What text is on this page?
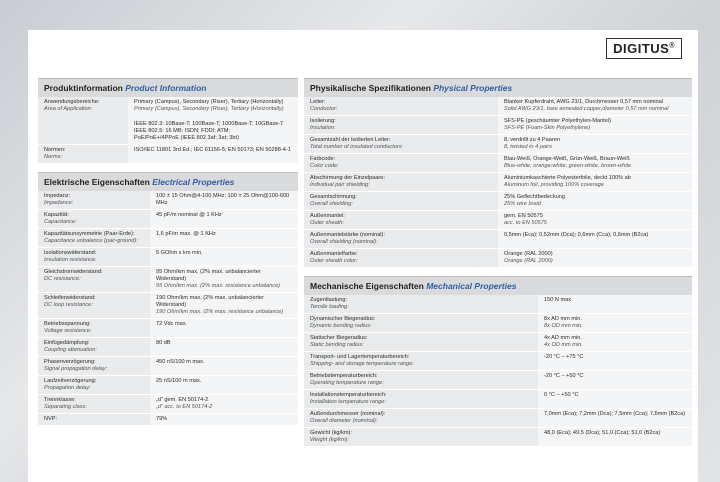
DIGITUS®
Produktinformation Product Information
Anwendungsbereiche:
Area of Application:	Primary (Campus), Secondary (Riser), Tertiary (Horizontally)
Primary (Campus), Secondary (Riser), Tertiary (Horizontally)
IEEE 802.3: 10Base-T; 100Base-T; 1000Base-T; 10GBase-T
IEEE 802.5: 16 MB; ISDN; FDDI; ATM;
PoE/PoE+/4PPoE (IEEE 802.3af; 3at; 3bt)

Normen:
Norms:	ISO/IEC 11801 3rd Ed.; IEC 61156-5; EN 50173; EN 50288-4-1
Elektrische Eigenschaften Electrical Properties
Impedanz:
Impedance:	100 ± 15 Ohm@4-100 MHz; 100 ± 25 Ohm@100-600 MHz

Kapazität:
Capacitance:	45 pF/m nominal @ 1 KHz

Kapazitätsunsymmetrie (Paar-Erde):
Capacitance unbalance (pair-ground):	1,6 pF/m max. @ 1 KHz

Isolationswiderstand:
Insulation resistance:	5 GOhm x km min.

Gleichstromwiderstand:
DC resistance:	95 Ohm/km max. (2% max. unbalancierter Widerstand)
95 Ohm/km max. (2% max. resistance unbalance)

Schleifenwiderstand:
DC loop resistance:	190 Ohm/km max. (2% max. unbalancierter Widerstand)
190 Ohm/km max. (2% max. resistance unbalance)

Betriebsspannung:
Voltage resistance:	72 Vdc max.

Einfügedämpfung:
Coupling attenuation:	80 dB

Phasenverzögerung:
Signal propagation delay:	450 nS/100 m max.

Laufzeitverzögerung:
Propagation delay:	25 nS/100 m max.

Trennklasse:
Separating class:	„d“ gem. EN 50174-2
„d“ acc. to EN 50174-2

NVP:	79%
Physikalische Spezifikationen Physical Properties
Leiter:
Conductor:	Blanker Kupferdraht, AWG 23/1, Durchmesser 0,57 mm nominal
Solid AWG 23/1, bare annealed copper,diameter 0.57 mm nominal

Isolierung:
Insulation:	SFS-PE (geschäumter Polyethylen-Mantel)
SFS-PE (Foam-Skin Polyethylene)

Gesamtzahl der isolierten Leiter:
Total number of insulated conductors:	8, verdrillt zu 4 Paaren
8, twisted in 4 pairs

Farbcode:
Color code:	Blau-Weiß, Orange-Weiß, Grün-Weiß, Braun-Weiß
Blue-white, orange-white, green-white, brown-white

Abschirmung der Einzelpaare:
Individual pair shielding:	Aluminiumkaschierte Polyesterfolie, deckt 100% ab
Aluminum foil, providing 100% coverage

Gesamtschirmung:
Overall shielding:	25% Geflechtbedeckung
25% wire braid

Außenmantel:
Outer sheath:	gem. EN 50575
acc. to EN 50575

Außenmantelstärke (nominal):
Overall shielding (nominal):	0,5mm (Eca); 0,52mm (Dca); 0,6mm (Cca); 0,6mm (B2ca)

Außenmantelfarbe:
Outer sheath color:	Orange (RAL 2000)
Orange (RAL 2000)
Mechanische Eigenschaften Mechanical Properties
Zugentlastung:
Tensile loading:	150 N max

Dynamischer Biegeradius:
Dynamic bending radius:	8x AD mm min.
8x OD mm min.

Statischer Biegeradius:
Static bending radius:	4x AD mm min.
4x OD mm min.

Transport- und Lagertemperaturbereich:
Shipping- and storage temperature range:	-20 °C – +75 °C

Betriebstemperaturbereich:
Operating temperature range:	-20 °C – +50 °C

Installationstemperaturbereich:
Installation temperature range:	0 °C – +50 °C

Außendurchmesser (nominal):
Overall diameter (nominal):	7,0mm (Eca); 7,2mm (Dca); 7,5mm (Cca); 7,5mm (B2ca)

Gewicht (kg/km):
Weight (kg/km):	48,0 (Eca); 49,5 (Dca); 51,0 (Cca); 51,0 (B2ca)
